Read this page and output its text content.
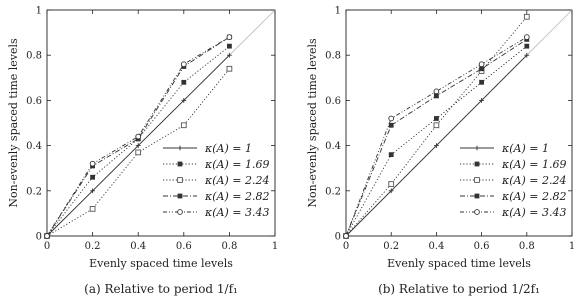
0	0.2	0.4	0.6	0.8	1
0
0.2
0.4
0.6
0.8
1
Evenly spaced time levels
Non-evenly spaced time levels
(a) Relative to period 1/f₁
κ(A) = 1
κ(A) = 1.69
κ(A) = 2.24
κ(A) = 2.82
κ(A) = 3.43
0	0.2	0.4	0.6	0.8	1
0
0.2
0.4
0.6
0.8
1
Evenly spaced time levels
Non-evenly spaced time levels
(b) Relative to period 1/2f₁
κ(A) = 1
κ(A) = 1.69
κ(A) = 2.24
κ(A) = 2.82
κ(A) = 3.43
